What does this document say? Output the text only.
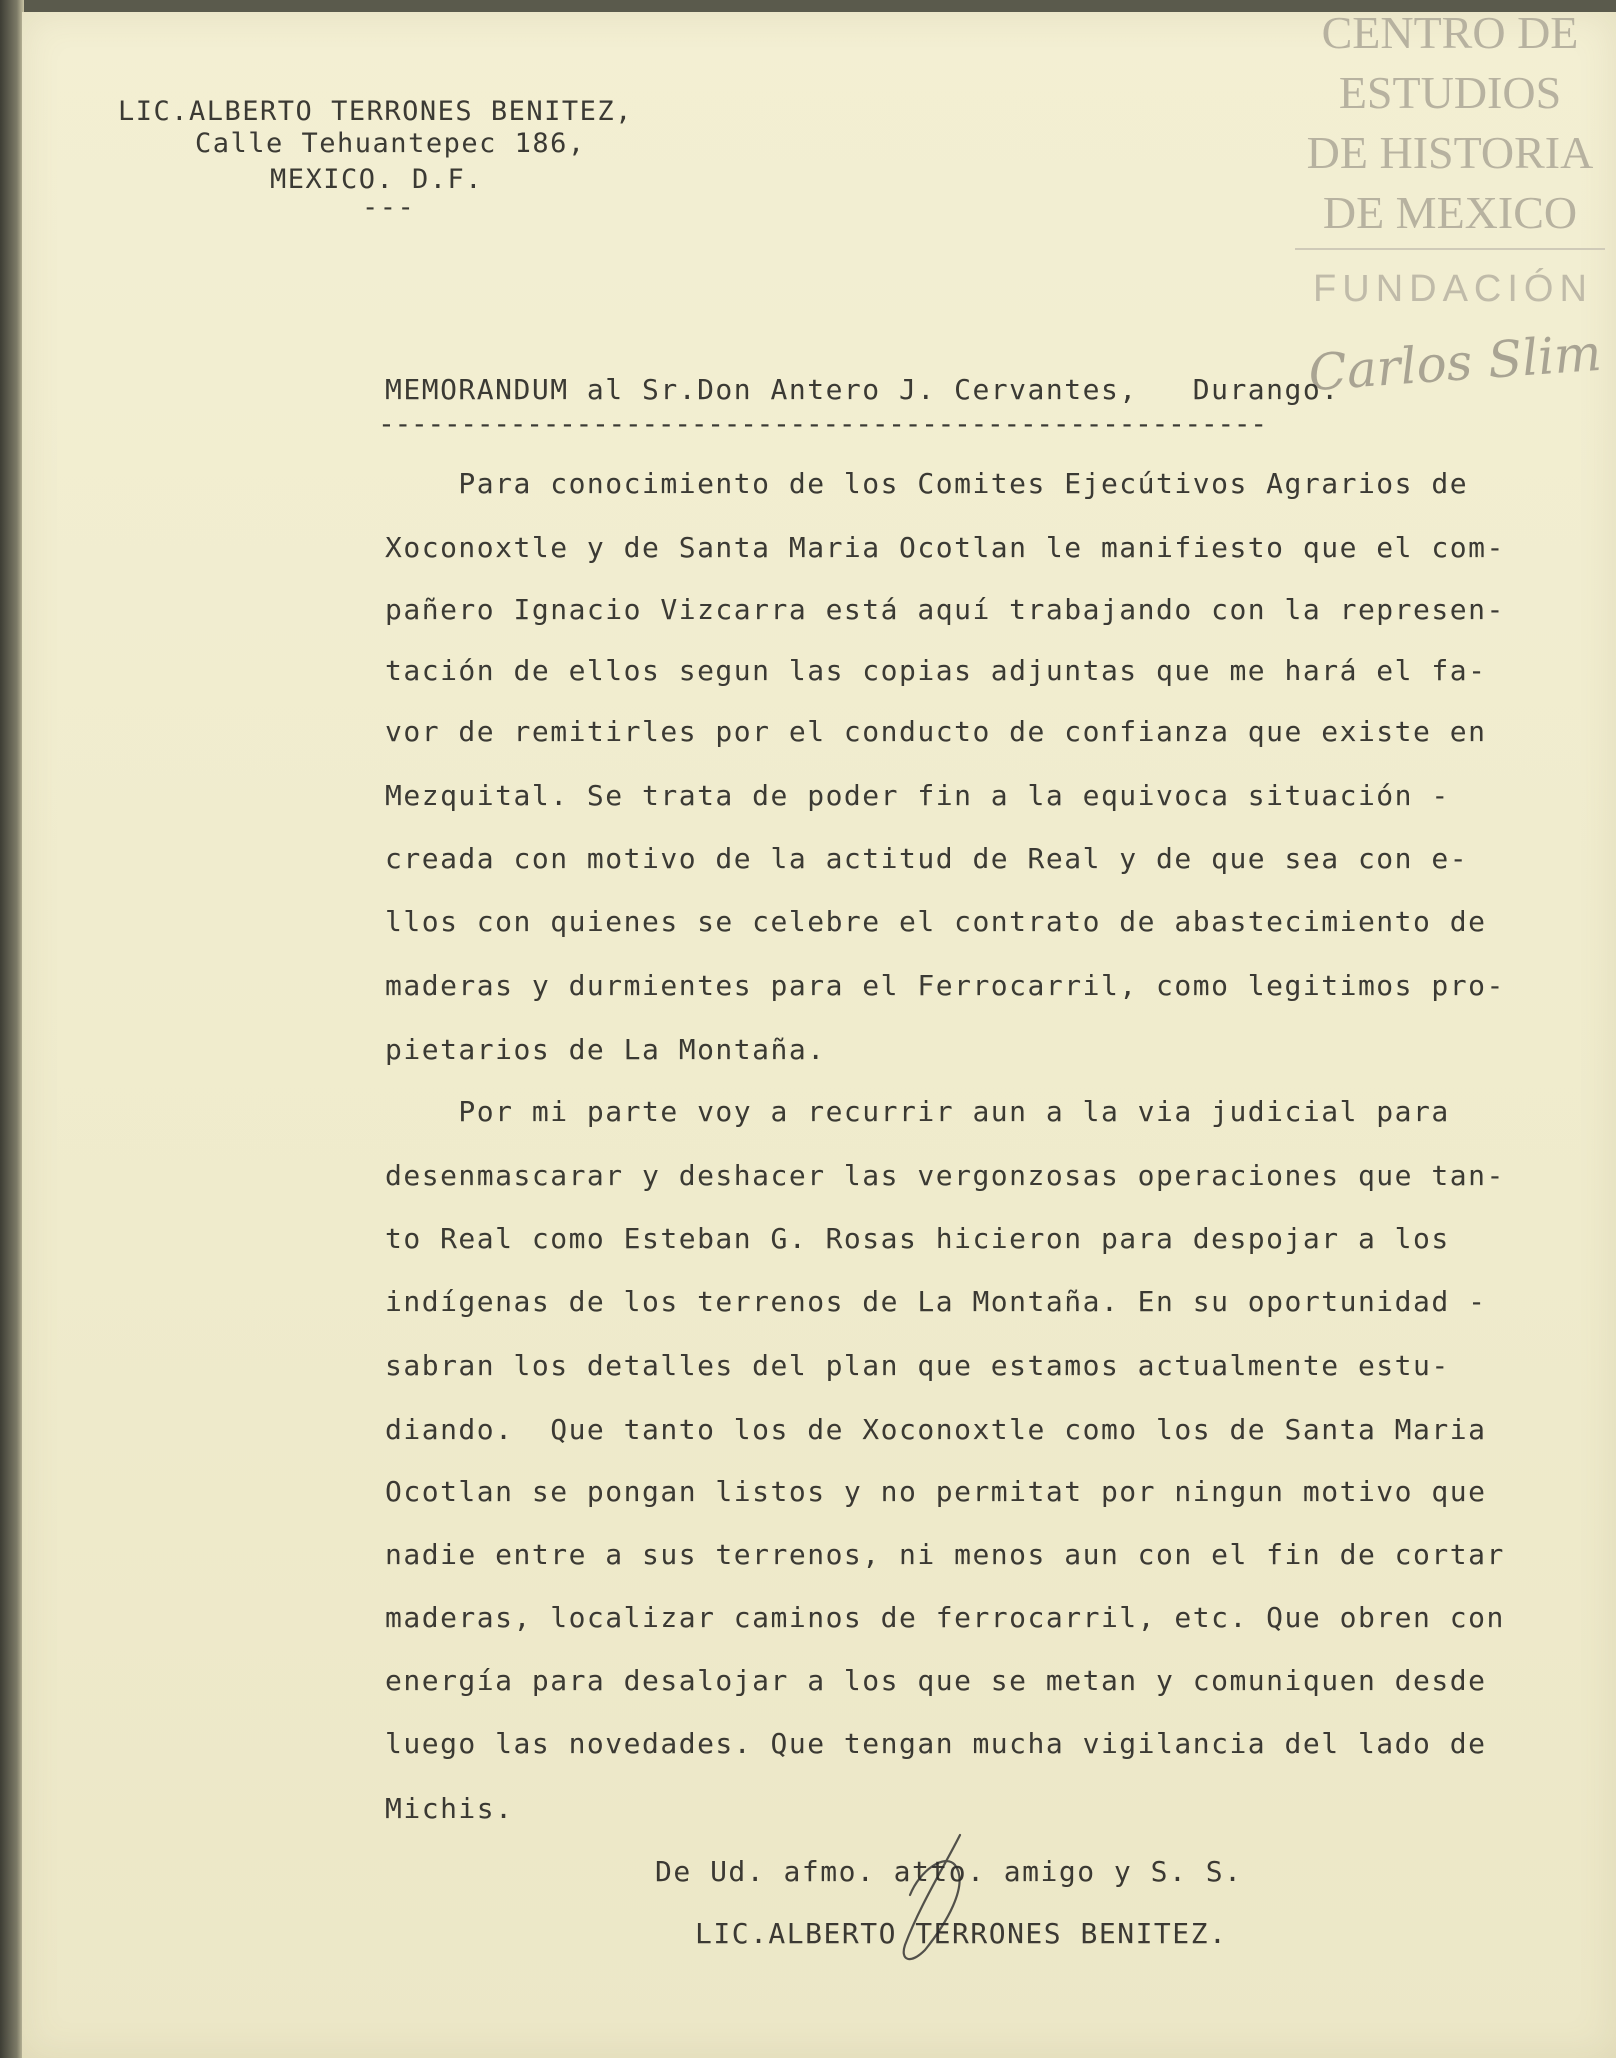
CENTRO DE
ESTUDIOS
DE HISTORIA
DE MEXICO
FUNDACIÓN
Carlos Slim
LIC.ALBERTO TERRONES BENITEZ,
Calle Tehuantepec 186,
MEXICO. D.F.
---
MEMORANDUM al Sr.Don Antero J. Cervantes,   Durango.
------------------------------------------------------
Para conocimiento de los Comites Ejecútivos Agrarios de
Xoconoxtle y de Santa Maria Ocotlan le manifiesto que el com-
pañero Ignacio Vizcarra está aquí trabajando con la represen-
tación de ellos segun las copias adjuntas que me hará el fa-
vor de remitirles por el conducto de confianza que existe en
Mezquital. Se trata de poder fin a la equivoca situación -
creada con motivo de la actitud de Real y de que sea con e-
llos con quienes se celebre el contrato de abastecimiento de
maderas y durmientes para el Ferrocarril, como legitimos pro-
pietarios de La Montaña.
Por mi parte voy a recurrir aun a la via judicial para
desenmascarar y deshacer las vergonzosas operaciones que tan-
to Real como Esteban G. Rosas hicieron para despojar a los
indígenas de los terrenos de La Montaña. En su oportunidad -
sabran los detalles del plan que estamos actualmente estu-
diando.  Que tanto los de Xoconoxtle como los de Santa Maria
Ocotlan se pongan listos y no permitat por ningun motivo que
nadie entre a sus terrenos, ni menos aun con el fin de cortar
maderas, localizar caminos de ferrocarril, etc. Que obren con
energía para desalojar a los que se metan y comuniquen desde
luego las novedades. Que tengan mucha vigilancia del lado de
Michis.
De Ud. afmo. atto. amigo y S. S.
LIC.ALBERTO TERRONES BENITEZ.
